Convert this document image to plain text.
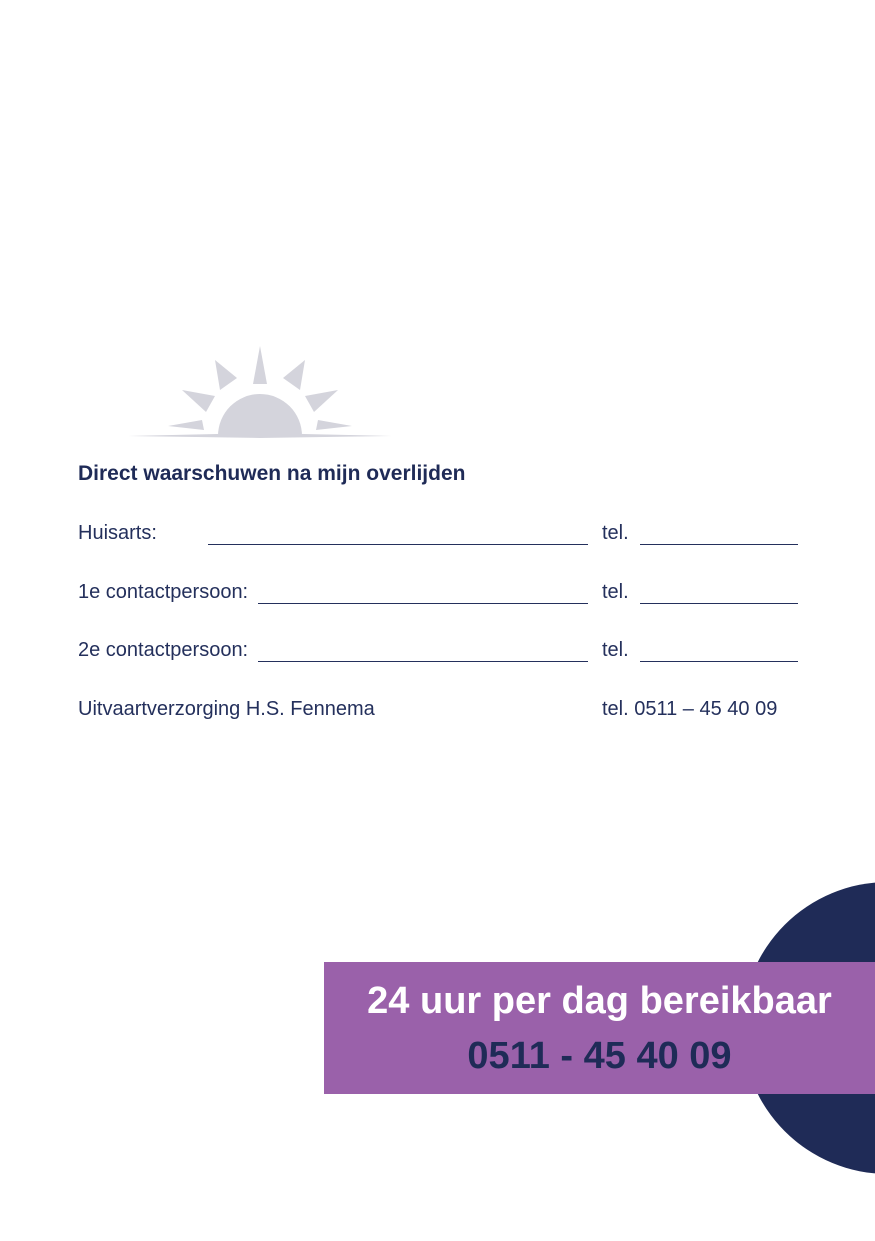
Direct waarschuwen na mijn overlijden
Huisarts:	tel.
1e contactpersoon:	tel.
2e contactpersoon:	tel.
Uitvaartverzorging H.S. Fennema	tel. 0511 – 45 40 09
24 uur per dag bereikbaar
0511 - 45 40 09
